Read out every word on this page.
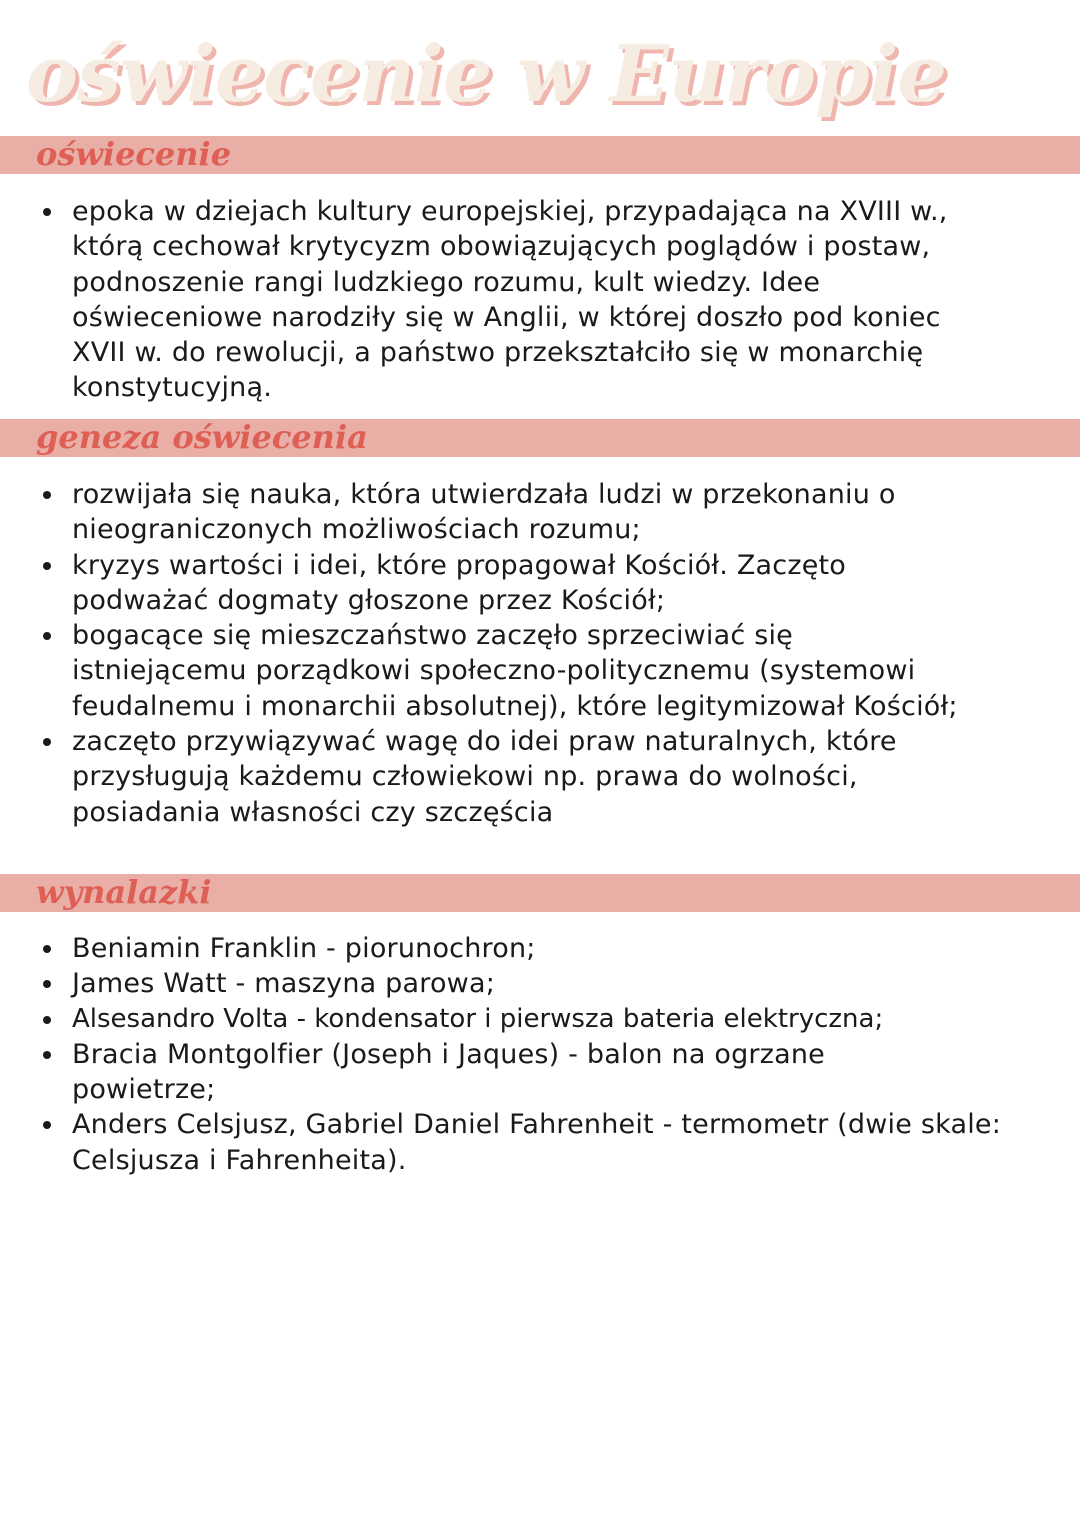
oświecenie w Europie
oświecenie
epoka w dziejach kultury europejskiej, przypadająca na XVIII w., którą cechował krytycyzm obowiązujących poglądów i postaw, podnoszenie rangi ludzkiego rozumu, kult wiedzy. Idee oświeceniowe narodziły się w Anglii, w której doszło pod koniec XVII w. do rewolucji, a państwo przekształciło się w monarchię konstytucyjną.
geneza oświecenia
rozwijała się nauka, która utwierdzała ludzi w przekonaniu o nieograniczonych możliwościach rozumu;
kryzys wartości i idei, które propagował Kościół. Zaczęto podważać dogmaty głoszone przez Kościół;
bogacące się mieszczaństwo zaczęło sprzeciwiać się istniejącemu porządkowi społeczno-politycznemu (systemowi feudalnemu i monarchii absolutnej), które legitymizował Kościół;
zaczęto przywiązywać wagę do idei praw naturalnych, które przysługują każdemu człowiekowi np. prawa do wolności, posiadania własności czy szczęścia
wynalazki
Beniamin Franklin - piorunochron;
James Watt - maszyna parowa;
Alsesandro Volta - kondensator i pierwsza bateria elektryczna;
Bracia Montgolfier (Joseph i Jaques) - balon na ogrzane powietrze;
Anders Celsjusz, Gabriel Daniel Fahrenheit - termometr (dwie skale: Celsjusza i Fahrenheita).
